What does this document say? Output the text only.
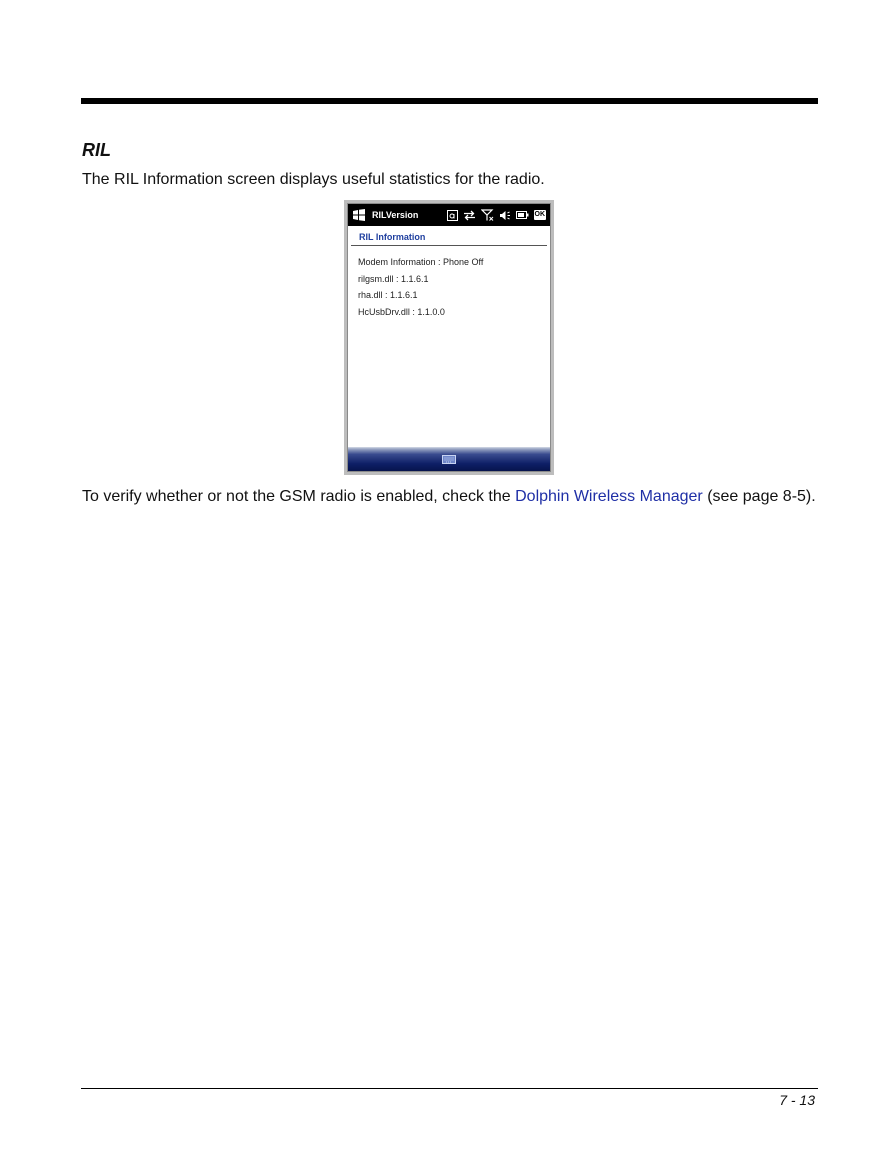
RIL

The RIL Information screen displays useful statistics for the radio.

RILVersion	OK
RIL Information
Modem Information : Phone Off
rilgsm.dll : 1.1.6.1
rha.dll : 1.1.6.1
HcUsbDrv.dll : 1.1.0.0

To verify whether or not the GSM radio is enabled, check the Dolphin Wireless Manager (see page 8-5).

7 - 13
